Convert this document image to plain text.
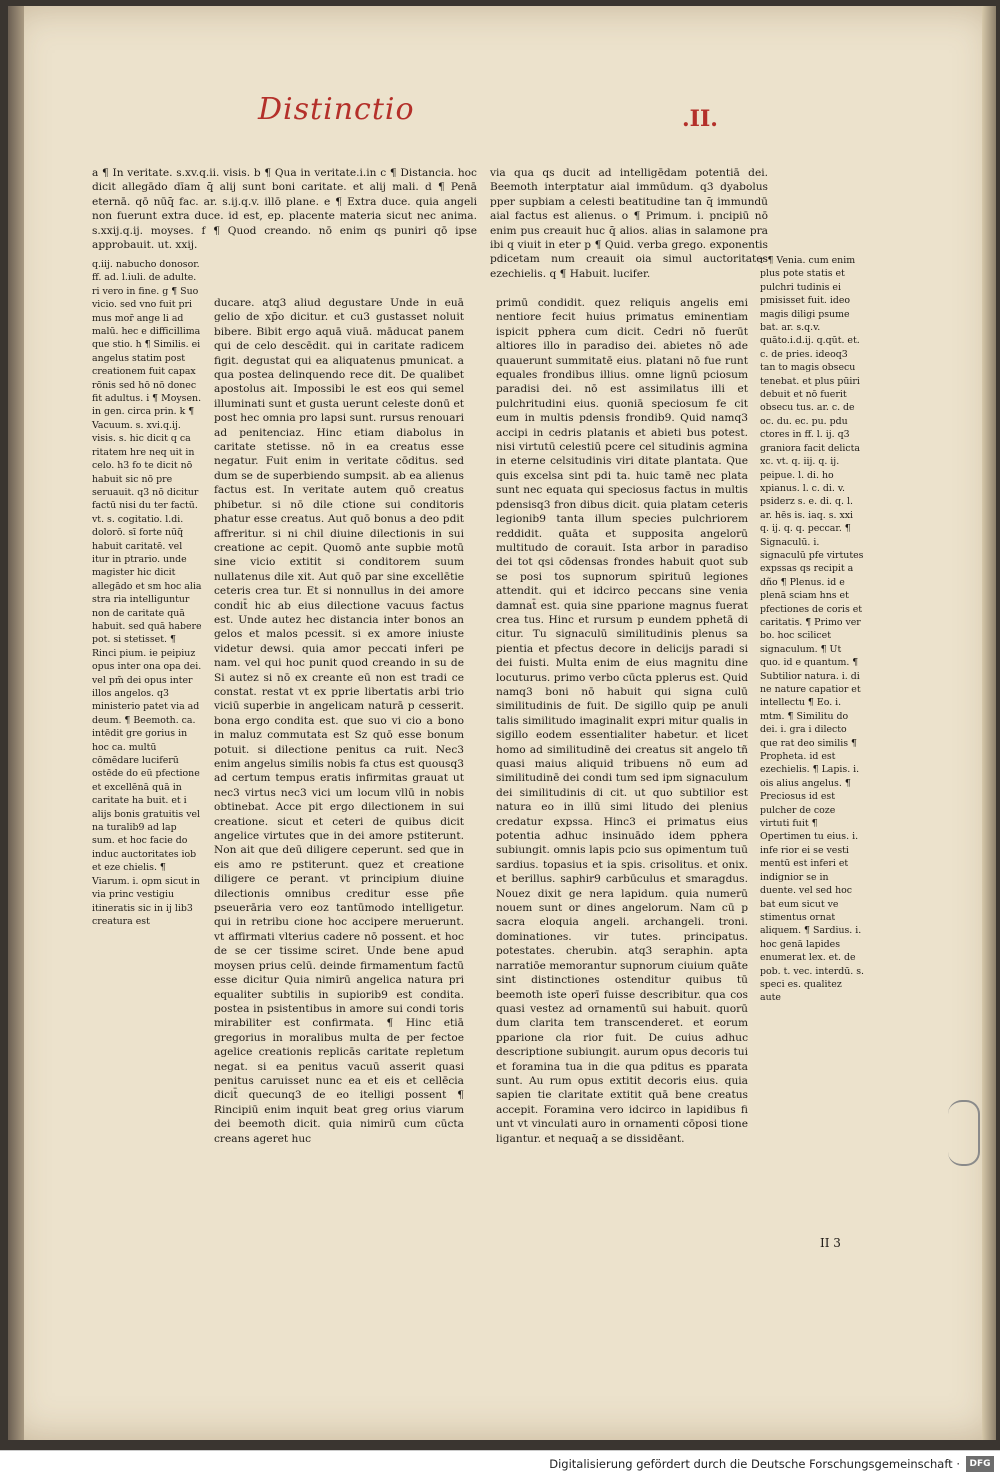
Distinctio	.II.
a ¶ In veritate. s.xv.q.ii. visis. b ¶ Qua in veritate.i.in c ¶ Distancia. hoc dicit allegādo dīam q̄ alij sunt boni caritate. et alij mali. d ¶ Penā eternā. qō nūq̄ fac. ar. s.ij.q.v. illō plane. e ¶ Extra duce. quia angeli non fuerunt extra duce. id est, ep. placente materia sicut nec anima. s.xxij.q.ij. moyses. f ¶ Quod creando. nō enim qs puniri qō ipse approbauit. ut. xxij.
via qua qs ducit ad intelligēdam potentiā dei. Beemoth interptatur aial immūdum. q3 dyabolus pper supbiam a celesti beatitudine tan q̄ immundū aial factus est alienus. o ¶ Primum. i. pncipiū nō enim pus creauit huc q̄ alios. alias in salamone pra ibi q viuit in eter p ¶ Quid. verba grego. exponentis pdicetam num creauit oia simul auctoritates ezechielis. q ¶ Habuit. lucifer.
q.iij. nabucho donosor. ff. ad. l.iuli. de adulte. ri vero in fine. g ¶ Suo vicio. sed vno fuit pri mus mor̄ ange li ad malū. hec e difficillima que stio. h ¶ Similis. ei angelus statim post creationem fuit capax rōnis sed hō nō donec fit adultus. i ¶ Moysen. in gen. circa prin. k ¶ Vacuum. s. xvi.q.ij. visis. s. hic dicit q ca ritatem hre neq uit in celo. h3 fo te dicit nō habuit sic nō pre seruauit. q3 nō dicitur factū nisi du ter factū. vt. s. cogitatio. l.di. dolorō. sī forte nūq̄ habuit caritatē. vel itur in ptrario. unde magister hic dicit allegādo et sm hoc alia stra ria intelliguntur non de caritate quā habuit. sed quā habere pot. si stetisset. ¶ Rinci pium. ie peipiuz opus inter ona opa dei. vel pm̄ dei opus inter illos angelos. q3 ministerio patet via ad deum. ¶ Beemoth. ca. intēdit gre gorius in hoc ca. multū cōmēdare luciferū ostēde do eū pfectione et excellēnā quā in caritate ha buit. et i alijs bonis gratuitis vel na turalib9 ad lap sum. et hoc facie do induc auctoritates iob et eze chielis. ¶ Viarum. i. opm sicut in via princ vestigiu itineratis sic in ij lib3 creatura est
ducare. atq3 aliud degustare Unde in euā gelio de xp̄o dicitur. et cu3 gustasset noluit bibere. Bibit ergo aquā viuā. māducat panem qui de celo descēdit. qui in caritate radicem figit. degustat qui ea aliquatenus pmunicat. a qua postea delinquendo rece dit. De qualibet apostolus ait. Impossibi le est eos qui semel illuminati sunt et gusta uerunt celeste donū et post hec omnia pro lapsi sunt. rursus renouari ad penitenciaz. Hinc etiam diabolus in caritate stetisse. nō in ea creatus esse negatur. Fuit enim in veritate cōditus. sed dum se de superbiendo sumpsit. ab ea alienus factus est. In veritate autem quō creatus phibetur. si nō dile ctione sui conditoris phatur esse creatus. Aut quō bonus a deo pdit affreritur. si ni chil diuine dilectionis in sui creatione ac cepit. Quomō ante supbie motū sine vicio extitit si conditorem suum nullatenus dile xit. Aut quō par sine excellētie ceteris crea tur. Et si nonnullus in dei amore condit̄ hic ab eius dilectione vacuus factus est. Unde autez hec distancia inter bonos an gelos et malos pcessit. si ex amore iniuste videtur dewsi. quia amor peccati inferi pe nam. vel qui hoc punit quod creando in su de Si autez si nō ex creante eū non est tradi ce constat. restat vt ex pprie libertatis arbi trio viciū superbie in angelicam naturā p cesserit. bona ergo condita est. que suo vi cio a bono in maluz commutata est Sz quō esse bonum potuit. si dilectione penitus ca ruit. Nec3 enim angelus similis nobis fa ctus est quousq3 ad certum tempus eratis infirmitas grauat ut nec3 virtus nec3 vici um locum vllū in nobis obtinebat. Acce pit ergo dilectionem in sui creatione. sicut et ceteri de quibus dicit angelice virtutes que in dei amore pstiterunt. Non ait que deū diligere ceperunt. sed que in eis amo re pstiterunt. quez et creatione diligere ce perant. vt principium diuine dilectionis omnibus creditur esse pñe pseuerāria vero eoz tantūmodo intelligetur. qui in retribu cione hoc accipere meruerunt. vt affirmati vlterius cadere nō possent. et hoc de se cer tissime sciret. Unde bene apud moysen prius celū. deinde firmamentum factū esse dicitur Quia nimirū angelica natura pri equaliter subtilis in supiorib9 est condita. postea in psistentibus in amore sui condi toris mirabiliter est confirmata. ¶ Hinc etiā gregorius in moralibus multa de per fectoe agelice creationis replicās caritate repletum negat. si ea penitus vacuū asserit quasi penitus caruisset nunc ea et eis et cellēcia dicit̄ quecunq3 de eo itelligi possent ¶ Rincipiū enim inquit beat greg orius viarum dei beemoth dicit. quia nimirū cum cūcta creans ageret huc
primū condidit. quez reliquis angelis emi nentiore fecit huius primatus eminentiam ispicit pphera cum dicit. Cedri nō fuerūt altiores illo in paradiso dei. abietes nō ade quauerunt summitatē eius. platani nō fue runt equales frondibus illius. omne lignū pciosum paradisi dei. nō est assimilatus illi et pulchritudini eius. quoniā speciosum fe cit eum in multis pdensis frondib9. Quid namq3 accipi in cedris platanis et abieti bus potest. nisi virtutū celestiū pcere cel situdinis agmina in eterne celsitudinis viri ditate plantata. Que quis excelsa sint pdi ta. huic tamē nec plata sunt nec equata qui speciosus factus in multis pdensisq3 fron dibus dicit. quia platam ceteris legionib9 tanta illum species pulchriorem reddidit. quāta et supposita angelorū multitudo de corauit. Ista arbor in paradiso dei tot qsi cōdensas frondes habuit quot sub se posi tos supnorum spirituū legiones attendit. qui et idcirco peccans sine venia damnat̄ est. quia sine pparione magnus fuerat crea tus. Hinc et rursum p eundem pphetā di citur. Tu signaculū similitudinis plenus sa pientia et pfectus decore in delicijs paradi si dei fuisti. Multa enim de eius magnitu dine locuturus. primo verbo cūcta pplerus est. Quid namq3 boni nō habuit qui signa culū similitudinis de fuit. De sigillo quip pe anuli talis similitudo imaginalit expri mitur qualis in sigillo eodem essentialiter habetur. et licet homo ad similitudinē dei creatus sit angelo tñ quasi maius aliquid tribuens nō eum ad similitudinē dei condi tum sed ipm signaculum dei similitudinis di cit. ut quo subtilior est natura eo in illū simi litudo dei plenius credatur expssa. Hinc3 ei primatus eius potentia adhuc insinuādo idem pphera subiungit. omnis lapis pcio sus opimentum tuū sardius. topasius et ia spis. crisolitus. et onix. et berillus. saphir9 carbūculus et smaragdus. Nouez dixit ge nera lapidum. quia numerū nouem sunt or dines angelorum. Nam cū p sacra eloquia angeli. archangeli. troni. dominationes. vir tutes. principatus. potestates. cherubin. atq3 seraphin. apta narratiōe memorantur supnorum ciuium quāte sint distinctiones ostenditur quibus tū beemoth iste operī fuisse describitur. qua cos quasi vestez ad ornamentū sui habuit. quorū dum clarita tem transcenderet. et eorum pparione cla rior fuit. De cuius adhuc descriptione subiungit. aurum opus decoris tui et foramina tua in die qua pditus es pparata sunt. Au rum opus extitit decoris eius. quia sapien tie claritate extitit quā bene creatus accepit. Foramina vero idcirco in lapidibus fi unt vt vinculati auro in ornamenti cōposi tione ligantur. et nequaq̄ a se dissidēant.
r ¶ Venia. cum enim plus pote statis et pulchri tudinis ei pmisisset fuit. ideo magis diligi psume bat. ar. s.q.v. quāto.i.d.ij. q.qūt. et. c. de pries. ideoq3 tan to magis obsecu tenebat. et plus pūiri debuit et nō fuerit obsecu tus. ar. c. de oc. du. ec. pu. pdu ctores in ff. l. ij. q3 graniora facit delicta xc. vt. q. iij. q. ij. peipue. l. di. ho xpianus. l. c. di. v. psiderz s. e. di. q. l. ar. hēs is. iaq. s. xxi q. ij. q. q. peccar. ¶ Signaculū. i. signaculū pfe virtutes expssas qs recipit a dño ¶ Plenus. id e plenā sciam hns et pfectiones de coris et caritatis. ¶ Primo ver bo. hoc scilicet signaculum. ¶ Ut quo. id e quantum. ¶ Subtilior natura. i. di ne nature capatior et intellectu ¶ Eo. i. mtm. ¶ Similitu do dei. i. gra i dilecto que rat deo similis ¶ Propheta. id est ezechielis. ¶ Lapis. i. ois alius angelus. ¶ Preciosus id est pulcher de coze virtuti fuit ¶ Opertimen tu eius. i. infe rior ei se vesti mentū est inferi et indignior se in duente. vel sed hoc bat eum sicut ve stimentus ornat aliquem. ¶ Sardius. i. hoc genā lapides enumerat lex. et. de pob. t. vec. interdū. s. speci es. qualitez aute
II 3
Digitalisierung gefördert durch die Deutsche Forschungsgemeinschaft ·	DFG
